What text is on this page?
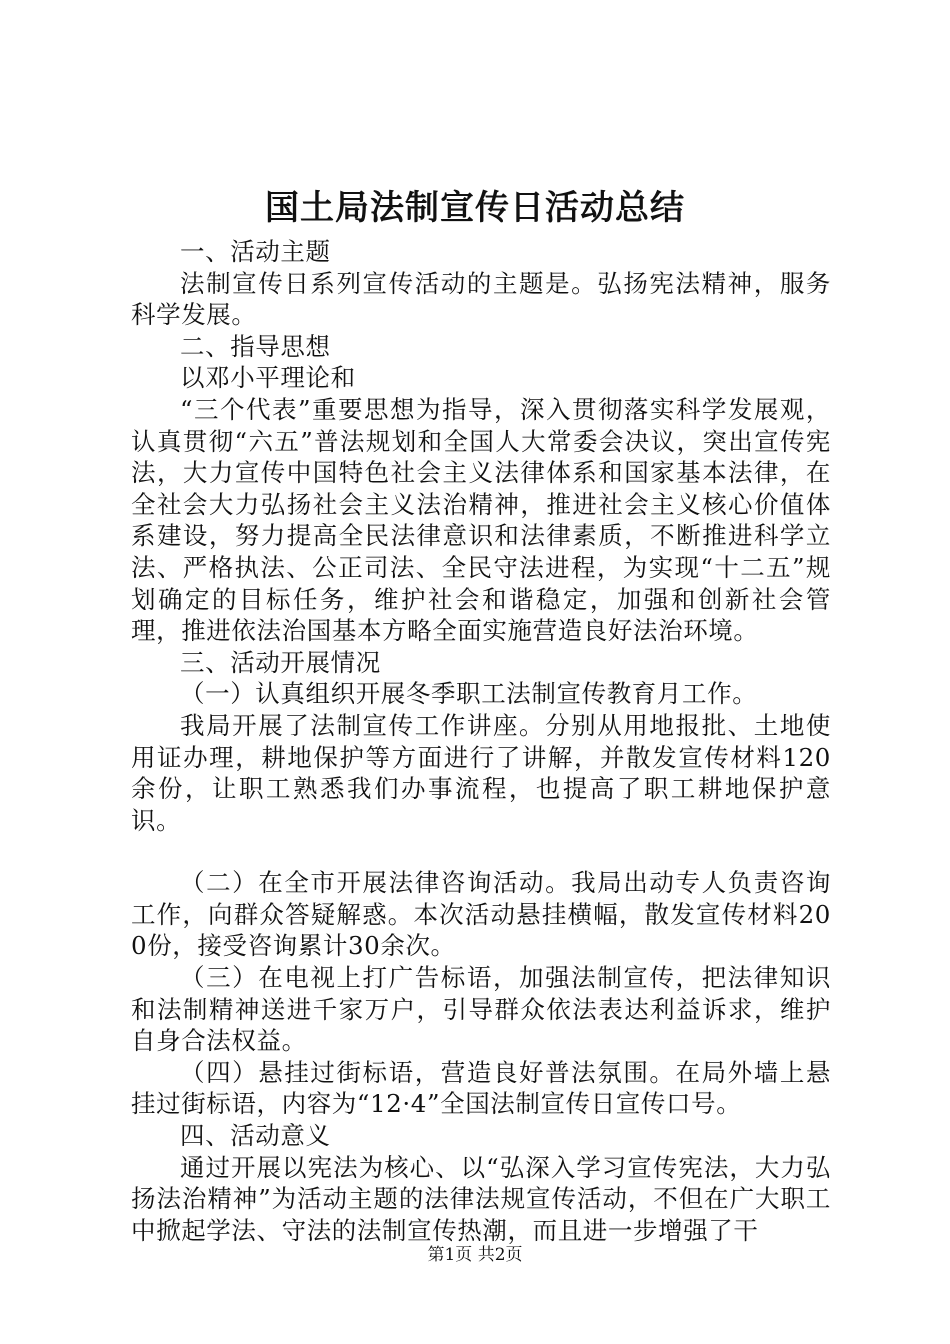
国土局法制宣传日活动总结

一、活动主题

法制宣传日系列宣传活动的主题是。弘扬宪法精神，服务科学发展。

二、指导思想

以邓小平理论和

“三个代表”重要思想为指导，深入贯彻落实科学发展观，认真贯彻“六五”普法规划和全国人大常委会决议，突出宣传宪法，大力宣传中国特色社会主义法律体系和国家基本法律，在全社会大力弘扬社会主义法治精神，推进社会主义核心价值体系建设，努力提高全民法律意识和法律素质，不断推进科学立法、严格执法、公正司法、全民守法进程，为实现“十二五”规划确定的目标任务，维护社会和谐稳定，加强和创新社会管理，推进依法治国基本方略全面实施营造良好法治环境。

三、活动开展情况

（一）认真组织开展冬季职工法制宣传教育月工作。

我局开展了法制宣传工作讲座。分别从用地报批、土地使用证办理，耕地保护等方面进行了讲解，并散发宣传材料120余份，让职工熟悉我们办事流程，也提高了职工耕地保护意识。

（二）在全市开展法律咨询活动。我局出动专人负责咨询工作，向群众答疑解惑。本次活动悬挂横幅，散发宣传材料200份，接受咨询累计30余次。

（三）在电视上打广告标语，加强法制宣传，把法律知识和法制精神送进千家万户，引导群众依法表达利益诉求，维护自身合法权益。

（四）悬挂过街标语，营造良好普法氛围。在局外墙上悬挂过街标语，内容为“12·4”全国法制宣传日宣传口号。

四、活动意义

通过开展以宪法为核心、以“弘深入学习宣传宪法，大力弘扬法治精神”为活动主题的法律法规宣传活动，不但在广大职工中掀起学法、守法的法制宣传热潮，而且进一步增强了干

第1页 共2页
